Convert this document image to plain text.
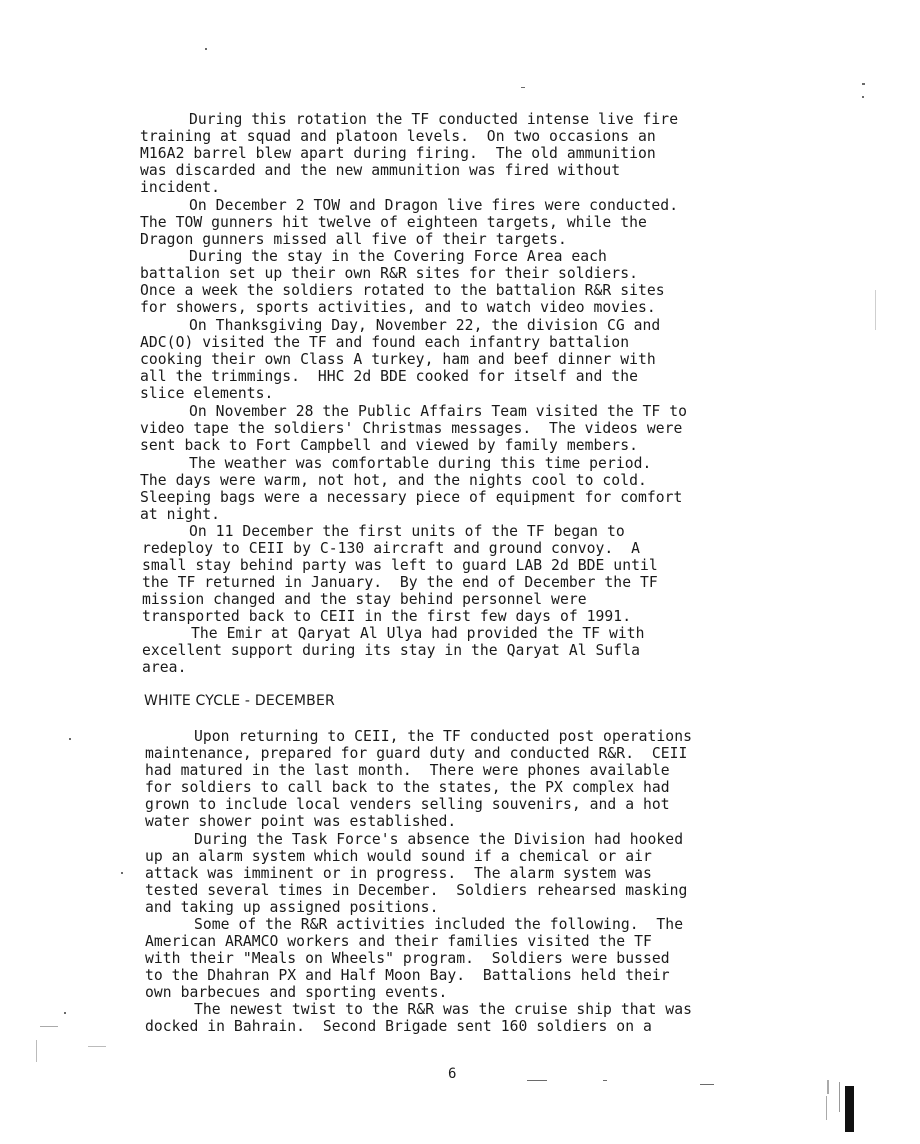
During this rotation the TF conducted intense live fire
training at squad and platoon levels.  On two occasions an
M16A2 barrel blew apart during firing.  The old ammunition
was discarded and the new ammunition was fired without
incident.
On December 2 TOW and Dragon live fires were conducted.
The TOW gunners hit twelve of eighteen targets, while the
Dragon gunners missed all five of their targets.
During the stay in the Covering Force Area each
battalion set up their own R&R sites for their soldiers.
Once a week the soldiers rotated to the battalion R&R sites
for showers, sports activities, and to watch video movies.
On Thanksgiving Day, November 22, the division CG and
ADC(O) visited the TF and found each infantry battalion
cooking their own Class A turkey, ham and beef dinner with
all the trimmings.  HHC 2d BDE cooked for itself and the
slice elements.
On November 28 the Public Affairs Team visited the TF to
video tape the soldiers' Christmas messages.  The videos were
sent back to Fort Campbell and viewed by family members.
The weather was comfortable during this time period.
The days were warm, not hot, and the nights cool to cold.
Sleeping bags were a necessary piece of equipment for comfort
at night.
On 11 December the first units of the TF began to
redeploy to CEII by C-130 aircraft and ground convoy.  A
small stay behind party was left to guard LAB 2d BDE until
the TF returned in January.  By the end of December the TF
mission changed and the stay behind personnel were
transported back to CEII in the first few days of 1991.
The Emir at Qaryat Al Ulya had provided the TF with
excellent support during its stay in the Qaryat Al Sufla
area.
WHITE CYCLE - DECEMBER
Upon returning to CEII, the TF conducted post operations
maintenance, prepared for guard duty and conducted R&R.  CEII
had matured in the last month.  There were phones available
for soldiers to call back to the states, the PX complex had
grown to include local venders selling souvenirs, and a hot
water shower point was established.
During the Task Force's absence the Division had hooked
up an alarm system which would sound if a chemical or air
attack was imminent or in progress.  The alarm system was
tested several times in December.  Soldiers rehearsed masking
and taking up assigned positions.
Some of the R&R activities included the following.  The
American ARAMCO workers and their families visited the TF
with their "Meals on Wheels" program.  Soldiers were bussed
to the Dhahran PX and Half Moon Bay.  Battalions held their
own barbecues and sporting events.
The newest twist to the R&R was the cruise ship that was
docked in Bahrain.  Second Brigade sent 160 soldiers on a
6
